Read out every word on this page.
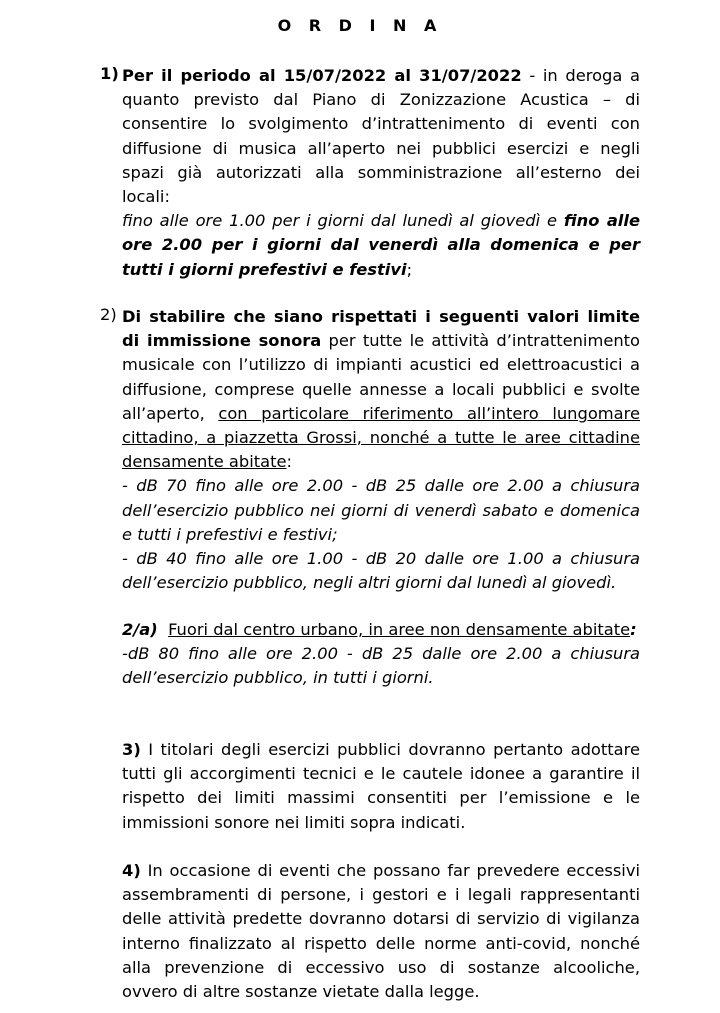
O R D I N A
1) Per il periodo al 15/07/2022 al 31/07/2022 - in deroga a quanto previsto dal Piano di Zonizzazione Acustica – di consentire lo svolgimento d’intrattenimento di eventi con diffusione di musica all’aperto nei pubblici esercizi e negli spazi già autorizzati alla somministrazione all’esterno dei locali:

fino alle ore 1.00 per i giorni dal lunedì al giovedì e fino alle ore 2.00 per i giorni dal venerdì alla domenica e per tutti i giorni prefestivi e festivi;

2) Di stabilire che siano rispettati i seguenti valori limite di immissione sonora per tutte le attività d’intrattenimento musicale con l’utilizzo di impianti acustici ed elettroacustici a diffusione, comprese quelle annesse a locali pubblici e svolte all’aperto, con particolare riferimento all’intero lungomare cittadino, a piazzetta Grossi, nonché a tutte le aree cittadine densamente abitate:

- dB 70 fino alle ore 2.00 - dB 25 dalle ore 2.00 a chiusura dell’esercizio pubblico nei giorni di venerdì sabato e domenica e tutti i prefestivi e festivi;

- dB 40 fino alle ore 1.00 - dB 20 dalle ore 1.00 a chiusura dell’esercizio pubblico, negli altri giorni dal lunedì al giovedì.

2/a) Fuori dal centro urbano, in aree non densamente abitate:

-dB 80 fino alle ore 2.00 - dB 25 dalle ore 2.00 a chiusura dell’esercizio pubblico, in tutti i giorni.

3) I titolari degli esercizi pubblici dovranno pertanto adottare tutti gli accorgimenti tecnici e le cautele idonee a garantire il rispetto dei limiti massimi consentiti per l’emissione e le immissioni sonore nei limiti sopra indicati.

4) In occasione di eventi che possano far prevedere eccessivi assembramenti di persone, i gestori e i legali rappresentanti delle attività predette dovranno dotarsi di servizio di vigilanza interno finalizzato al rispetto delle norme anti-covid, nonché alla prevenzione di eccessivo uso di sostanze alcooliche, ovvero di altre sostanze vietate dalla legge.
